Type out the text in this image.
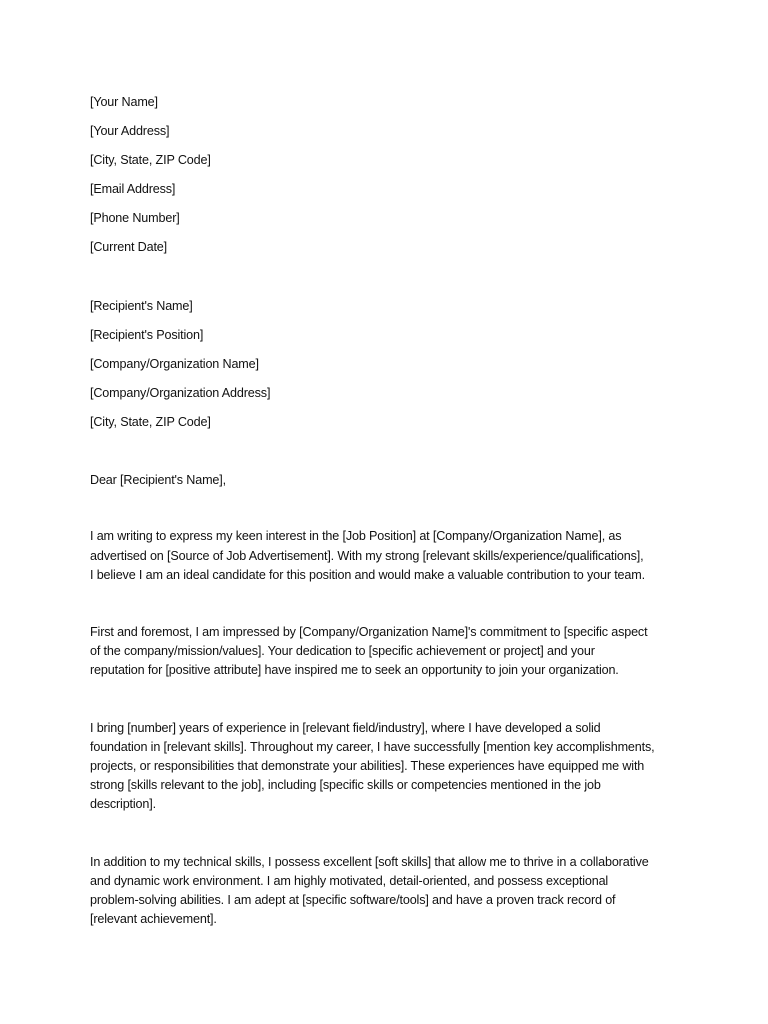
[Your Name]
[Your Address]
[City, State, ZIP Code]
[Email Address]
[Phone Number]
[Current Date]
[Recipient's Name]
[Recipient's Position]
[Company/Organization Name]
[Company/Organization Address]
[City, State, ZIP Code]
Dear [Recipient's Name],

I am writing to express my keen interest in the [Job Position] at [Company/Organization Name], as
advertised on [Source of Job Advertisement]. With my strong [relevant skills/experience/qualifications],
I believe I am an ideal candidate for this position and would make a valuable contribution to your team.

First and foremost, I am impressed by [Company/Organization Name]'s commitment to [specific aspect
of the company/mission/values]. Your dedication to [specific achievement or project] and your
reputation for [positive attribute] have inspired me to seek an opportunity to join your organization.

I bring [number] years of experience in [relevant field/industry], where I have developed a solid
foundation in [relevant skills]. Throughout my career, I have successfully [mention key accomplishments,
projects, or responsibilities that demonstrate your abilities]. These experiences have equipped me with
strong [skills relevant to the job], including [specific skills or competencies mentioned in the job
description].

In addition to my technical skills, I possess excellent [soft skills] that allow me to thrive in a collaborative
and dynamic work environment. I am highly motivated, detail-oriented, and possess exceptional
problem-solving abilities. I am adept at [specific software/tools] and have a proven track record of
[relevant achievement].
